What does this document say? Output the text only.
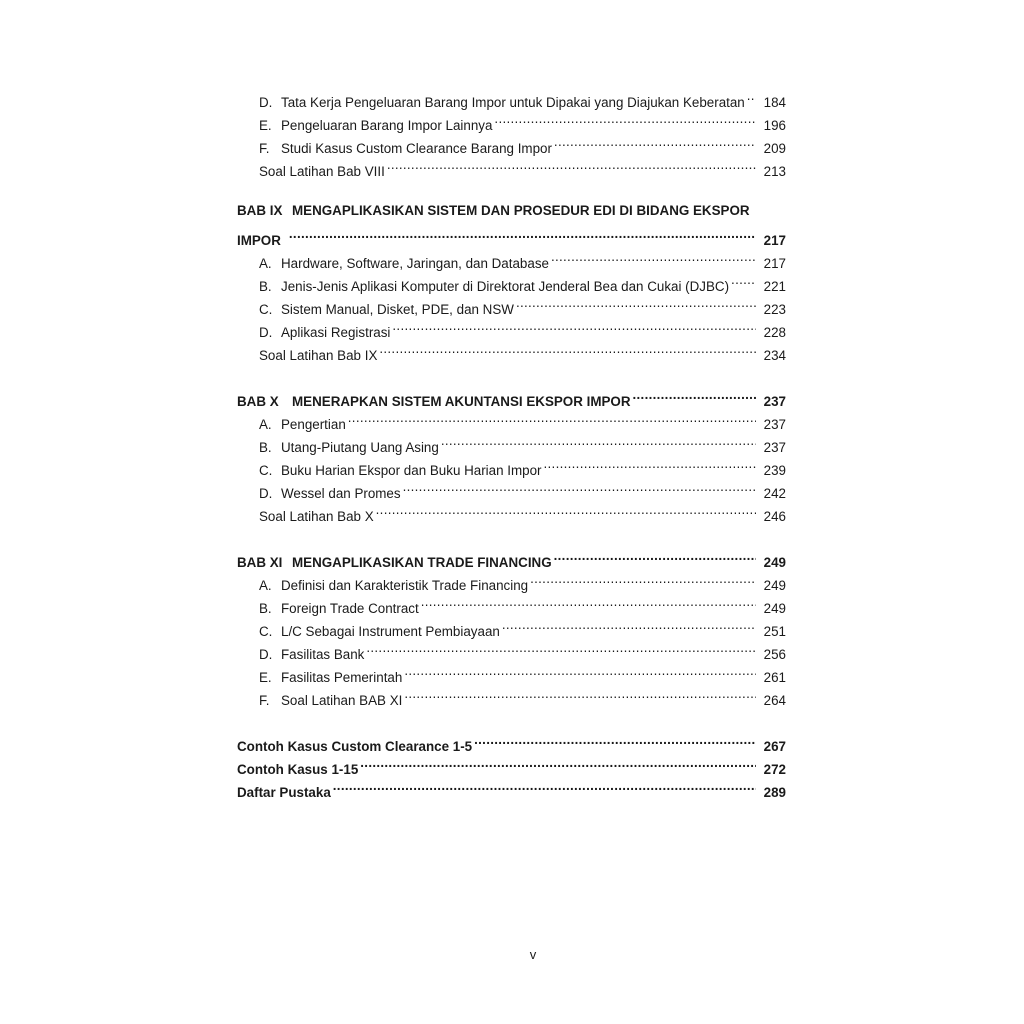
D. Tata Kerja Pengeluaran Barang Impor untuk Dipakai yang Diajukan Keberatan ..... 184
E. Pengeluaran Barang Impor Lainnya .....	196
F. Studi Kasus Custom Clearance Barang Impor .....	209
Soal Latihan Bab VIII .....	213
BAB IX MENGAPLIKASIKAN SISTEM DAN PROSEDUR EDI DI BIDANG EKSPOR
IMPOR .....	217
A. Hardware, Software, Jaringan, dan Database .....	217
B. Jenis-Jenis Aplikasi Komputer di Direktorat Jenderal Bea dan Cukai (DJBC) .....	221
C. Sistem Manual, Disket, PDE, dan NSW .....	223
D. Aplikasi Registrasi .....	228
Soal Latihan Bab IX .....	234
BAB X MENERAPKAN SISTEM AKUNTANSI EKSPOR IMPOR .....	237
A. Pengertian .....	237
B. Utang-Piutang Uang Asing .....	237
C. Buku Harian Ekspor dan Buku Harian Impor .....	239
D. Wessel dan Promes .....	242
Soal Latihan Bab X .....	246
BAB XI MENGAPLIKASIKAN TRADE FINANCING .....	249
A. Definisi dan Karakteristik Trade Financing .....	249
B. Foreign Trade Contract .....	249
C. L/C Sebagai Instrument Pembiayaan .....	251
D. Fasilitas Bank .....	256
E. Fasilitas Pemerintah .....	261
F. Soal Latihan BAB XI .....	264
Contoh Kasus Custom Clearance 1-5 .....	267
Contoh Kasus 1-15 .....	272
Daftar Pustaka .....	289
v
